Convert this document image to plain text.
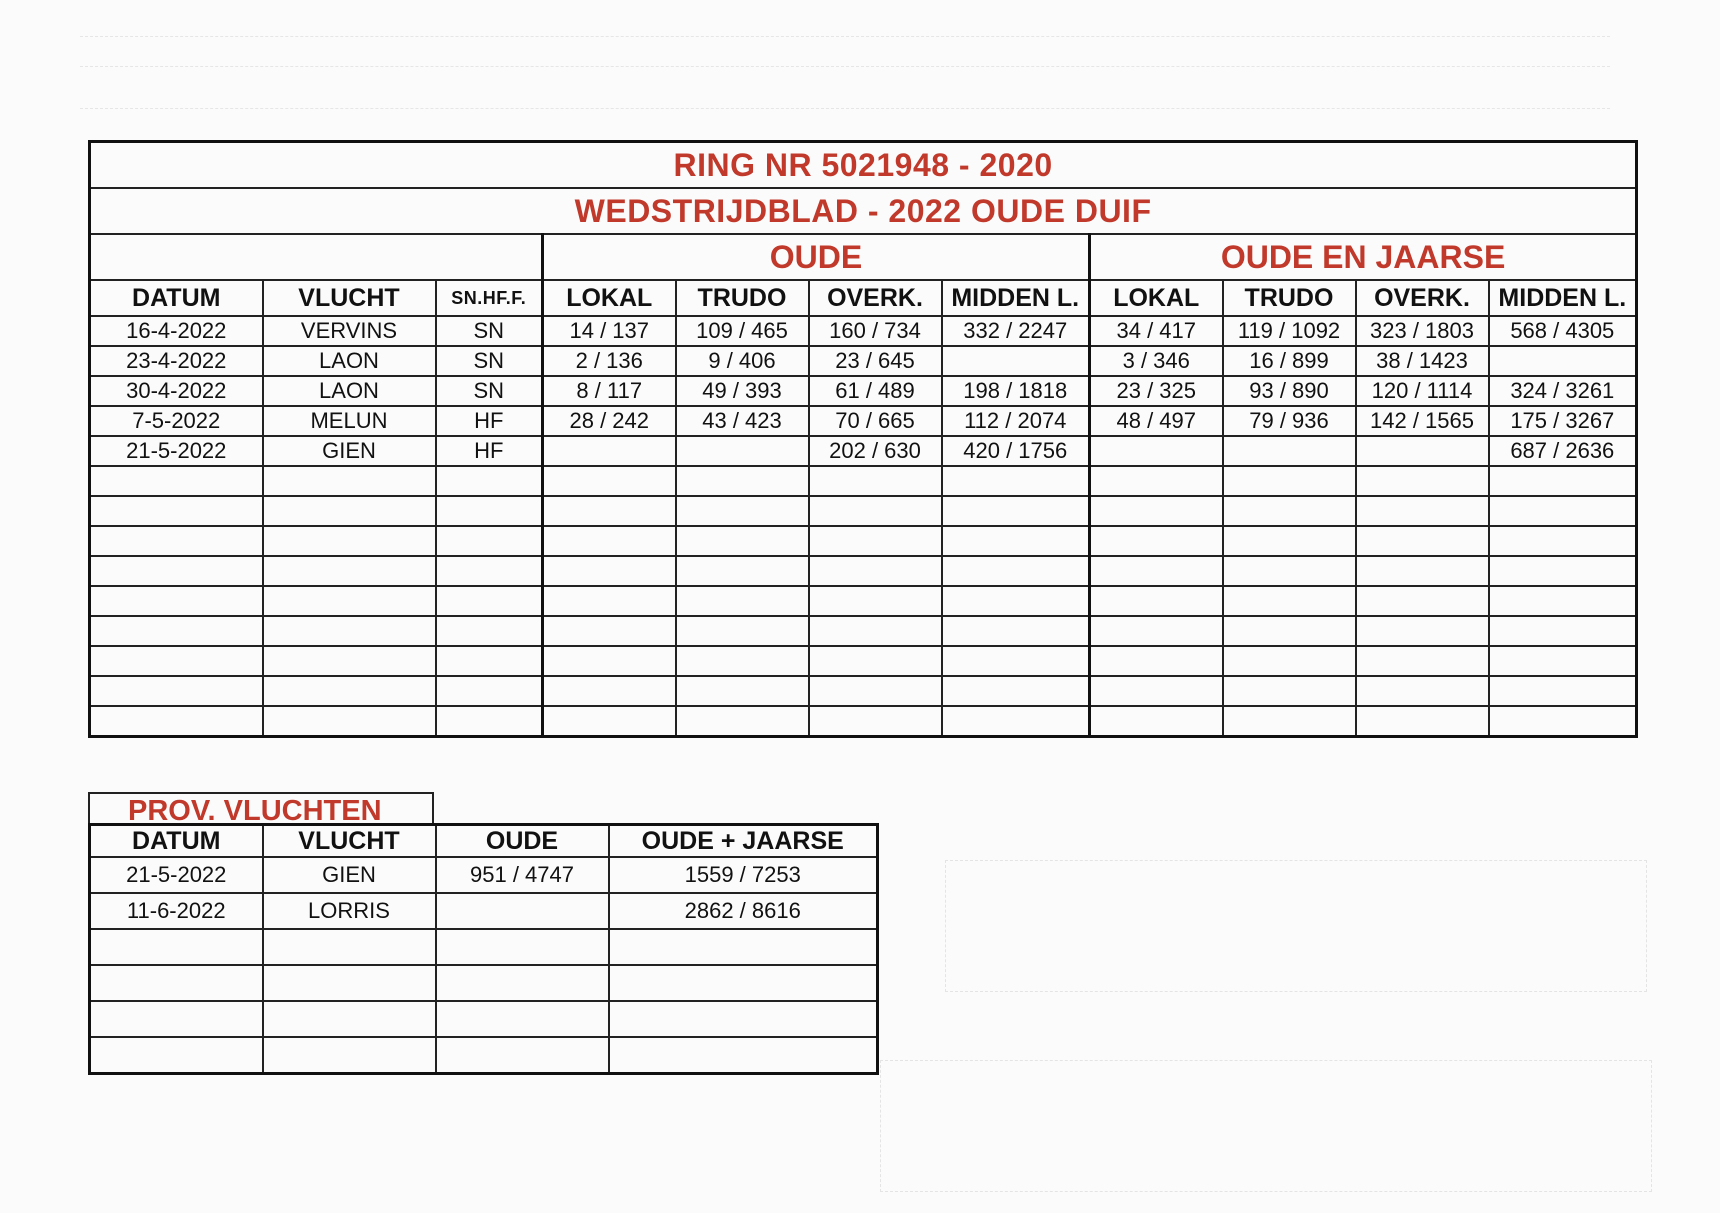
RING NR 5021948 - 2020										
WEDSTRIJDBLAD - 2022 OUDE DUIF										
			OUDE				OUDE EN JAARSE			
DATUM	VLUCHT	SN.HF.F.	LOKAL	TRUDO	OVERK.	MIDDEN L.	LOKAL	TRUDO	OVERK.	MIDDEN L.
16-4-2022	VERVINS	SN	14 / 137	109 / 465	160 / 734	332 / 2247	34 / 417	119 / 1092	323 / 1803	568 / 4305
23-4-2022	LAON	SN	2 / 136	9 / 406	23 / 645		3 / 346	16 / 899	38 / 1423	
30-4-2022	LAON	SN	8 / 117	49 / 393	61 / 489	198 / 1818	23 / 325	93 / 890	120 / 1114	324 / 3261
7-5-2022	MELUN	HF	28 / 242	43 / 423	70 / 665	112 / 2074	48 / 497	79 / 936	142 / 1565	175 / 3267
21-5-2022	GIEN	HF			202 / 630	420 / 1756				687 / 2636

PROV. VLUCHTEN
DATUM	VLUCHT	OUDE	OUDE + JAARSE
21-5-2022	GIEN	951 / 4747	1559 / 7253
11-6-2022	LORRIS		2862 / 8616
